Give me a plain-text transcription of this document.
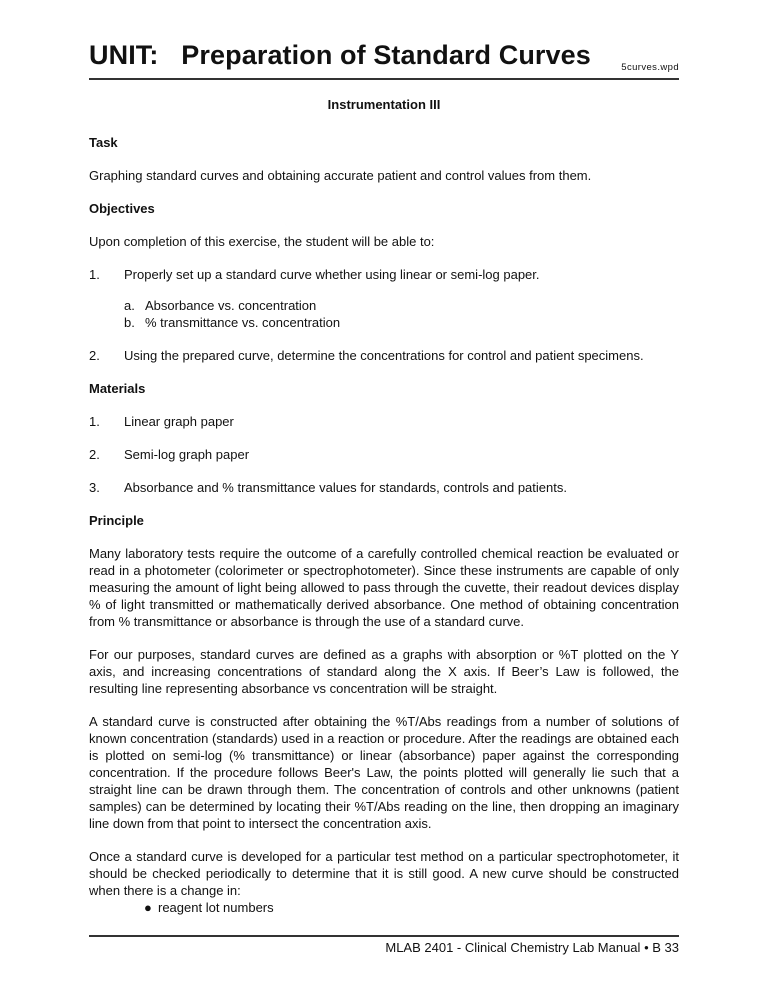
UNIT:   Preparation of Standard Curves	5curves.wpd
Instrumentation III
Task

Graphing standard curves and obtaining accurate patient and control values from them.

Objectives

Upon completion of this exercise, the student will be able to:

1.	Properly set up a standard curve whether using linear or semi-log paper.
a. Absorbance vs. concentration
b. % transmittance vs. concentration
2.	Using the prepared curve, determine the concentrations for control and patient specimens.
Materials
1.	Linear graph paper
2.	Semi-log graph paper
3.	Absorbance and % transmittance values for standards, controls and patients.
Principle

Many laboratory tests require the outcome of a carefully controlled chemical reaction be evaluated or read in a photometer (colorimeter or spectrophotometer). Since these instruments are capable of only measuring the amount of light being allowed to pass through the cuvette, their readout devices display % of light transmitted or mathematically derived absorbance. One method of obtaining concentration from % transmittance or absorbance is through the use of a standard curve.

For our purposes, standard curves are defined as a graphs with absorption or %T plotted on the Y axis, and increasing concentrations of standard along the X axis. If Beer’s Law is followed, the resulting line representing absorbance vs concentration will be straight.

A standard curve is constructed after obtaining the %T/Abs readings from a number of solutions of known concentration (standards) used in a reaction or procedure. After the readings are obtained each is plotted on semi-log (% transmittance) or linear (absorbance) paper against the corresponding concentration. If the procedure follows Beer's Law, the points plotted will generally lie such that a straight line can be drawn through them. The concentration of controls and other unknowns (patient samples) can be determined by locating their %T/Abs reading on the line, then dropping an imaginary line down from that point to intersect the concentration axis.

Once a standard curve is developed for a particular test method on a particular spectrophotometer, it should be checked periodically to determine that it is still good. A new curve should be constructed when there is a change in:

● reagent lot numbers
MLAB 2401 - Clinical Chemistry Lab Manual • B 33
